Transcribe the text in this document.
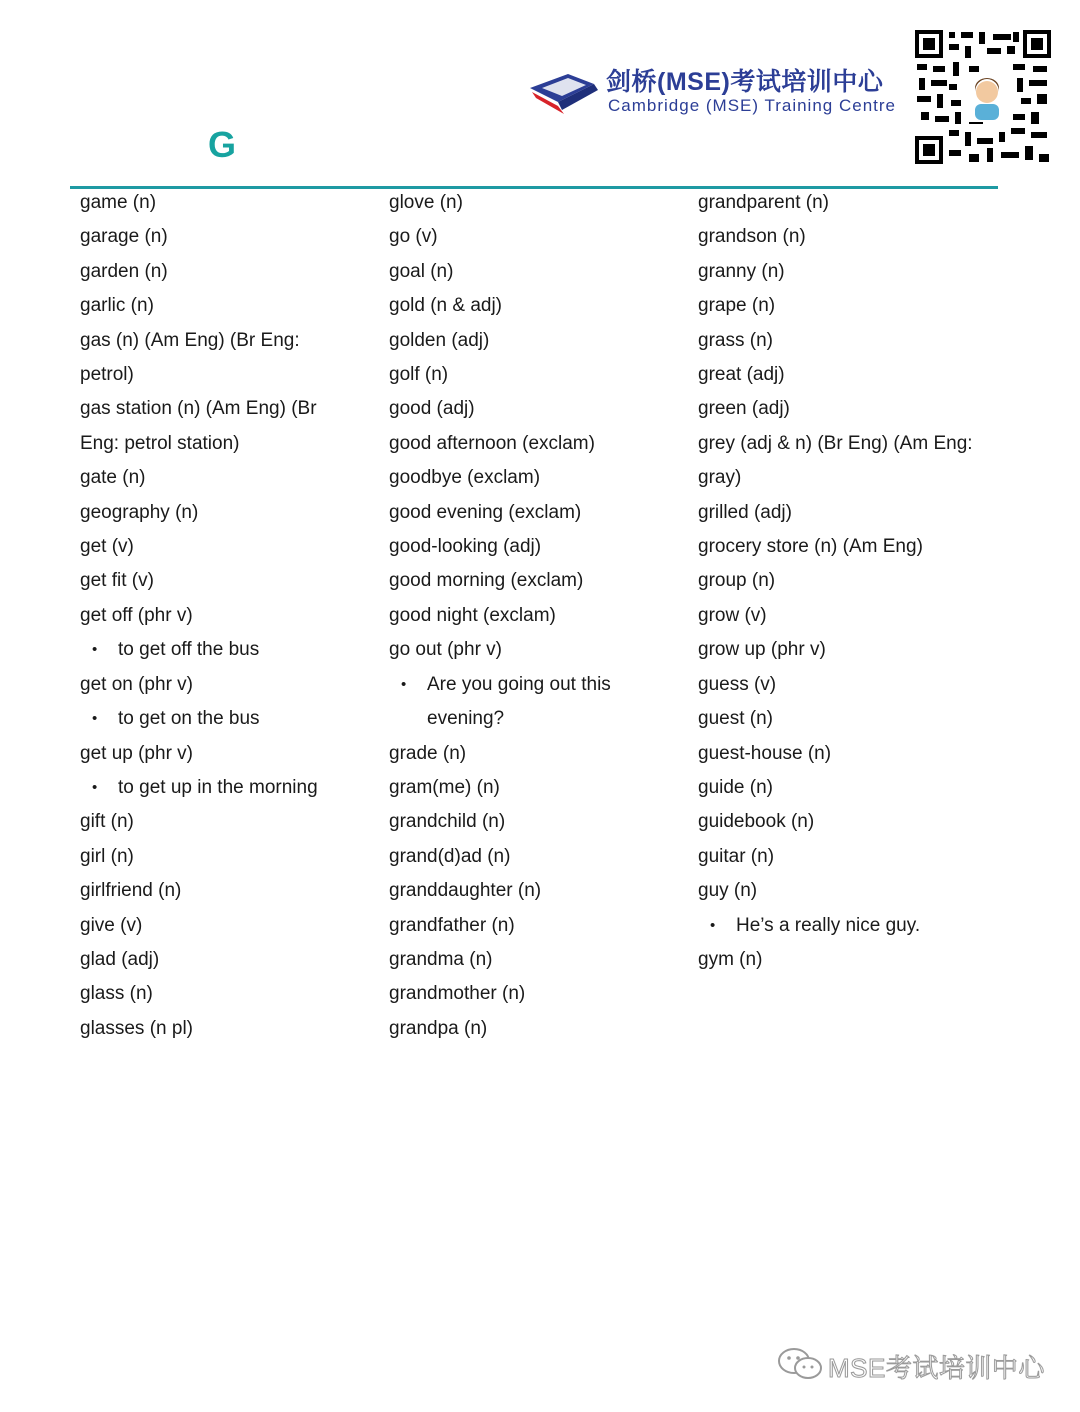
剑桥(MSE)考试培训中心
Cambridge (MSE) Training Centre
G
game (n)
garage (n)
garden (n)
garlic (n)
gas (n) (Am Eng) (Br Eng:
petrol)
gas station (n) (Am Eng) (Br
Eng: petrol station)
gate (n)
geography (n)
get (v)
get fit (v)
get off (phr v)
• to get off the bus
get on (phr v)
• to get on the bus
get up (phr v)
• to get up in the morning
gift (n)
girl (n)
girlfriend (n)
give (v)
glad (adj)
glass (n)
glasses (n pl)
glove (n)
go (v)
goal (n)
gold (n & adj)
golden (adj)
golf (n)
good (adj)
good afternoon (exclam)
goodbye (exclam)
good evening (exclam)
good-looking (adj)
good morning (exclam)
good night (exclam)
go out (phr v)
• Are you going out this evening?
grade (n)
gram(me) (n)
grandchild (n)
grand(d)ad (n)
granddaughter (n)
grandfather (n)
grandma (n)
grandmother (n)
grandpa (n)
grandparent (n)
grandson (n)
granny (n)
grape (n)
grass (n)
great (adj)
green (adj)
grey (adj & n) (Br Eng) (Am Eng:
gray)
grilled (adj)
grocery store (n) (Am Eng)
group (n)
grow (v)
grow up (phr v)
guess (v)
guest (n)
guest-house (n)
guide (n)
guidebook (n)
guitar (n)
guy (n)
• He’s a really nice guy.
gym (n)
MSE考试培训中心
